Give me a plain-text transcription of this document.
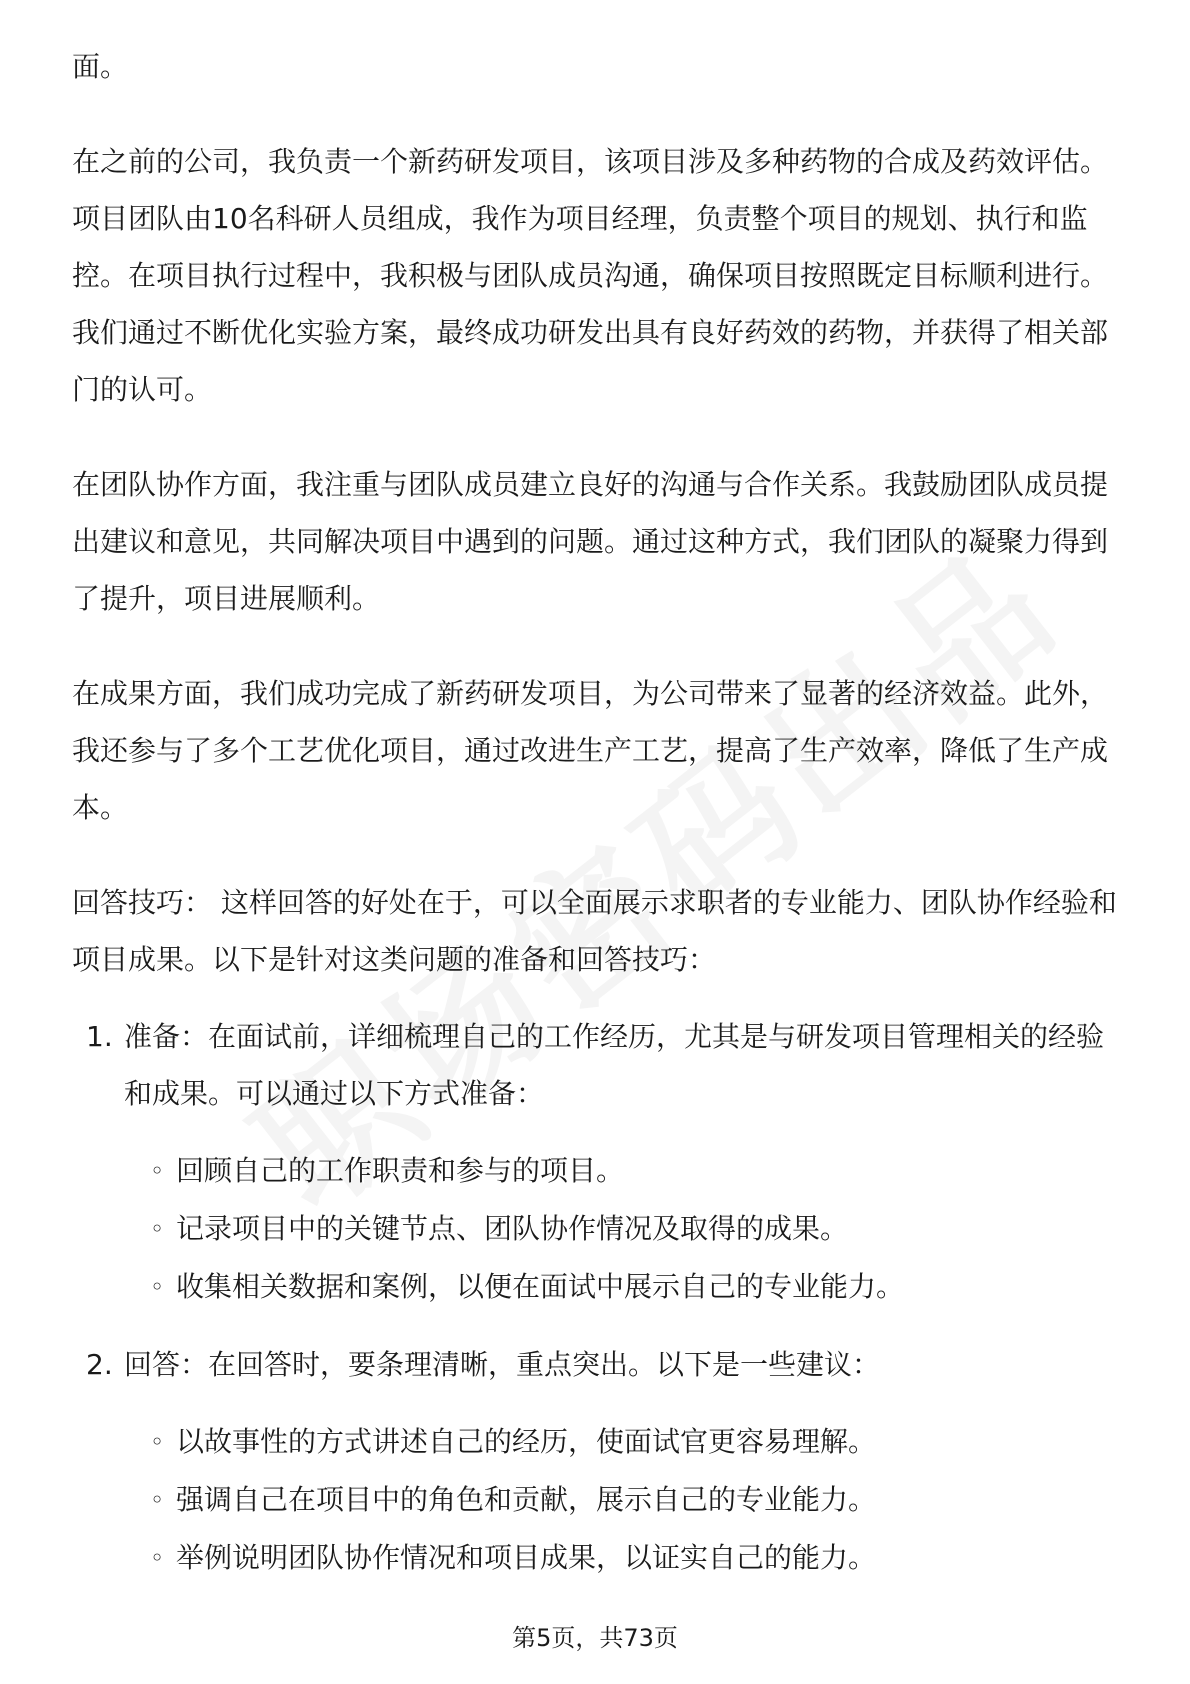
面。

在之前的公司，我负责一个新药研发项目，该项目涉及多种药物的合成及药效评估。项目团队由10名科研人员组成，我作为项目经理，负责整个项目的规划、执行和监控。在项目执行过程中，我积极与团队成员沟通，确保项目按照既定目标顺利进行。我们通过不断优化实验方案，最终成功研发出具有良好药效的药物，并获得了相关部门的认可。

在团队协作方面，我注重与团队成员建立良好的沟通与合作关系。我鼓励团队成员提出建议和意见，共同解决项目中遇到的问题。通过这种方式，我们团队的凝聚力得到了提升，项目进展顺利。

在成果方面，我们成功完成了新药研发项目，为公司带来了显著的经济效益。此外，我还参与了多个工艺优化项目，通过改进生产工艺，提高了生产效率，降低了生产成本。

回答技巧： 这样回答的好处在于，可以全面展示求职者的专业能力、团队协作经验和项目成果。以下是针对这类问题的准备和回答技巧：

1. 准备：在面试前，详细梳理自己的工作经历，尤其是与研发项目管理相关的经验和成果。可以通过以下方式准备：

◦ 回顾自己的工作职责和参与的项目。
◦ 记录项目中的关键节点、团队协作情况及取得的成果。
◦ 收集相关数据和案例，以便在面试中展示自己的专业能力。
2. 回答：在回答时，要条理清晰，重点突出。以下是一些建议：

◦ 以故事性的方式讲述自己的经历，使面试官更容易理解。
◦ 强调自己在项目中的角色和贡献，展示自己的专业能力。
◦ 举例说明团队协作情况和项目成果，以证实自己的能力。
第5页，共73页
